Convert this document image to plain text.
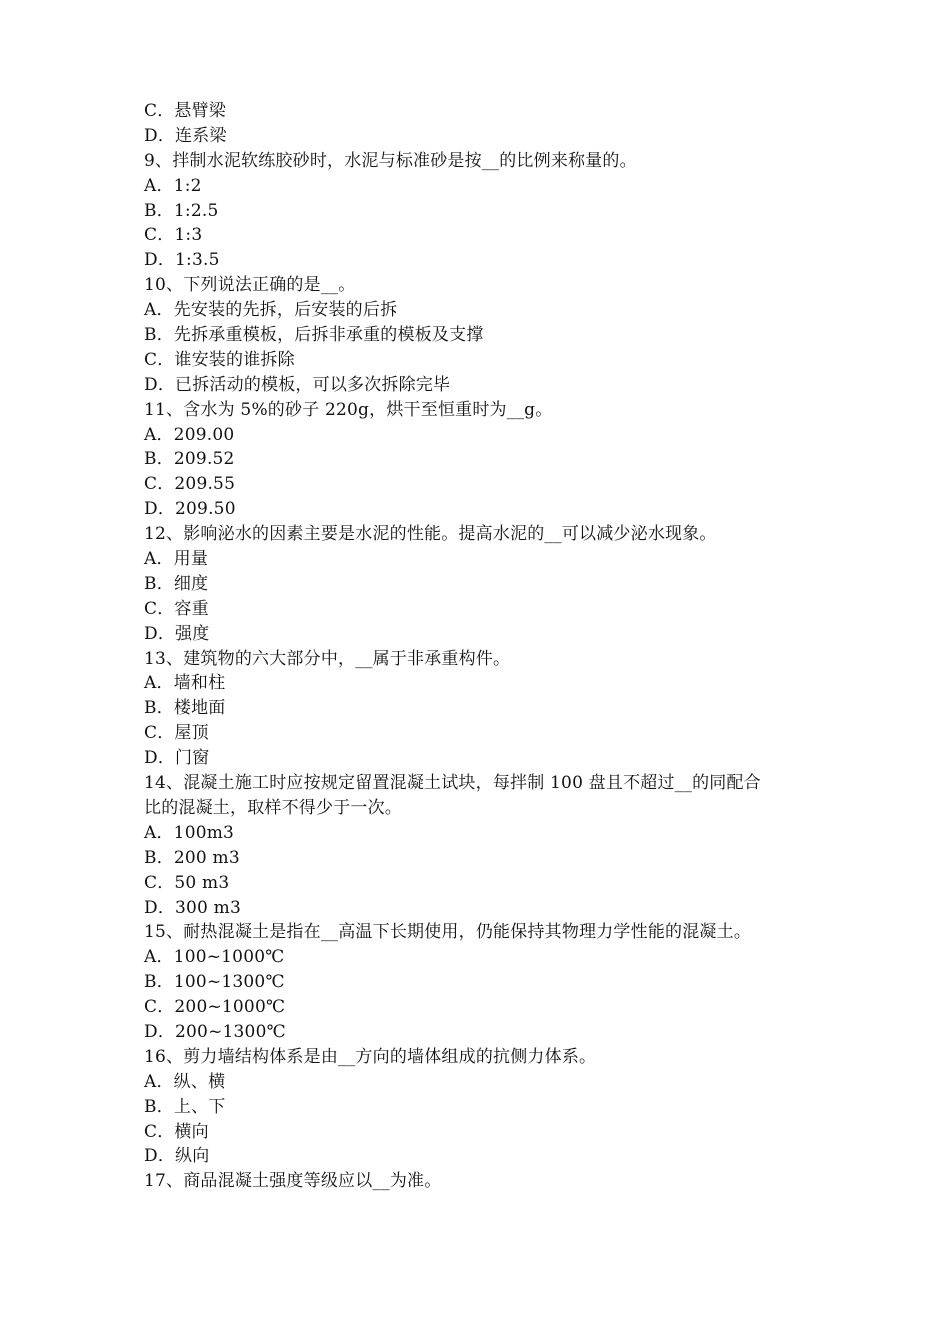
C．悬臂梁
D．连系梁
9、拌制水泥软练胶砂时，水泥与标准砂是按__的比例来称量的。
A．1:2
B．1:2.5
C．1:3
D．1:3.5
10、下列说法正确的是__。
A．先安装的先拆，后安装的后拆
B．先拆承重模板，后拆非承重的模板及支撑
C．谁安装的谁拆除
D．已拆活动的模板，可以多次拆除完毕
11、含水为 5%的砂子 220g，烘干至恒重时为__g。
A．209.00
B．209.52
C．209.55
D．209.50
12、影响泌水的因素主要是水泥的性能。提高水泥的__可以减少泌水现象。
A．用量
B．细度
C．容重
D．强度
13、建筑物的六大部分中，__属于非承重构件。
A．墙和柱
B．楼地面
C．屋顶
D．门窗
14、混凝土施工时应按规定留置混凝土试块，每拌制 100 盘且不超过__的同配合
比的混凝土，取样不得少于一次。
A．100m3
B．200 m3
C．50 m3
D．300 m3
15、耐热混凝土是指在__高温下长期使用，仍能保持其物理力学性能的混凝土。
A．100~1000℃
B．100~1300℃
C．200~1000℃
D．200~1300℃
16、剪力墙结构体系是由__方向的墙体组成的抗侧力体系。
A．纵、横
B．上、下
C．横向
D．纵向
17、商品混凝土强度等级应以__为准。
